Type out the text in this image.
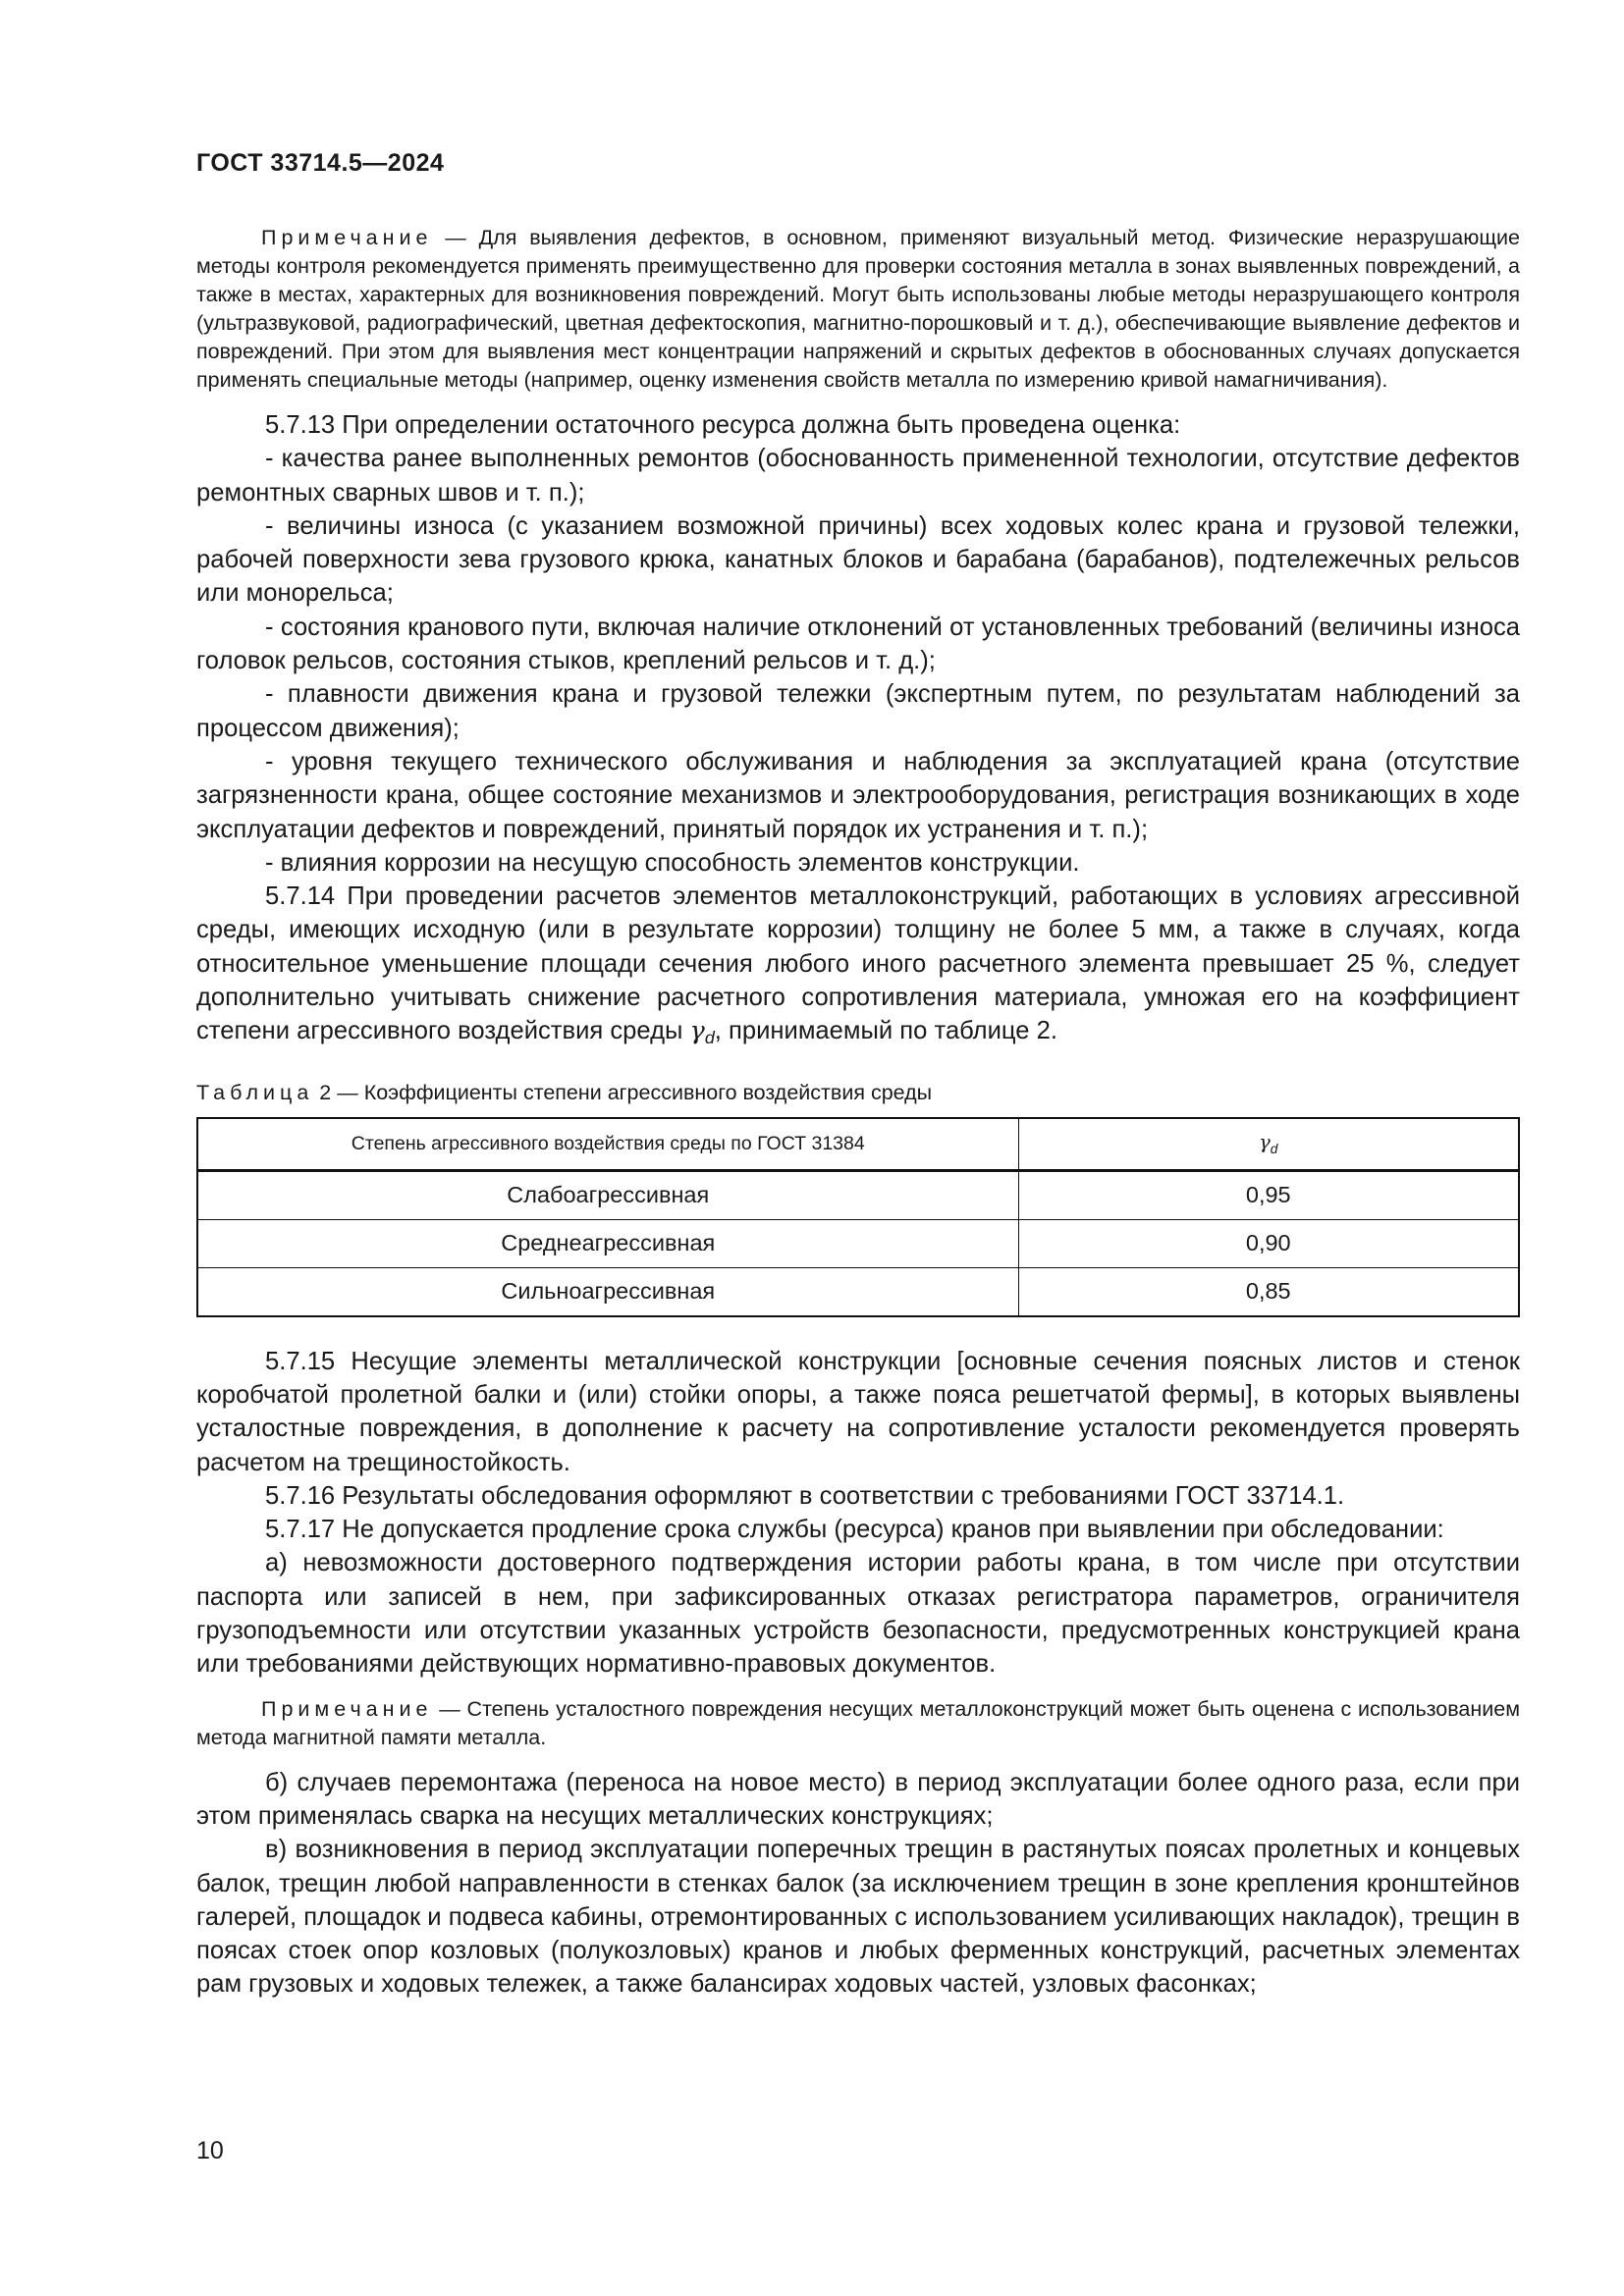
ГОСТ 33714.5—2024

Примечание — Для выявления дефектов, в основном, применяют визуальный метод. Физические неразрушающие методы контроля рекомендуется применять преимущественно для проверки состояния металла в зонах выявленных повреждений, а также в местах, характерных для возникновения повреждений. Могут быть использованы любые методы неразрушающего контроля (ультразвуковой, радиографический, цветная дефектоскопия, магнитно-порошковый и т. д.), обеспечивающие выявление дефектов и повреждений. При этом для выявления мест концентрации напряжений и скрытых дефектов в обоснованных случаях допускается применять специальные методы (например, оценку изменения свойств металла по измерению кривой намагничивания).

5.7.13 При определении остаточного ресурса должна быть проведена оценка:

- качества ранее выполненных ремонтов (обоснованность примененной технологии, отсутствие дефектов ремонтных сварных швов и т. п.);

- величины износа (с указанием возможной причины) всех ходовых колес крана и грузовой тележки, рабочей поверхности зева грузового крюка, канатных блоков и барабана (барабанов), подтележечных рельсов или монорельса;

- состояния кранового пути, включая наличие отклонений от установленных требований (величины износа головок рельсов, состояния стыков, креплений рельсов и т. д.);

- плавности движения крана и грузовой тележки (экспертным путем, по результатам наблюдений за процессом движения);

- уровня текущего технического обслуживания и наблюдения за эксплуатацией крана (отсутствие загрязненности крана, общее состояние механизмов и электрооборудования, регистрация возникающих в ходе эксплуатации дефектов и повреждений, принятый порядок их устранения и т. п.);

- влияния коррозии на несущую способность элементов конструкции.

5.7.14 При проведении расчетов элементов металлоконструкций, работающих в условиях агрессивной среды, имеющих исходную (или в результате коррозии) толщину не более 5 мм, а также в случаях, когда относительное уменьшение площади сечения любого иного расчетного элемента превышает 25 %, следует дополнительно учитывать снижение расчетного сопротивления материала, умножая его на коэффициент степени агрессивного воздействия среды $\gamma_d$, принимаемый по таблице 2.

Таблица 2 — Коэффициенты степени агрессивного воздействия среды
Степень агрессивного воздействия среды по ГОСТ 31384	$\gamma_d$
Слабоагрессивная	0,95
Среднеагрессивная	0,90
Сильноагрессивная	0,85

5.7.15 Несущие элементы металлической конструкции [основные сечения поясных листов и стенок коробчатой пролетной балки и (или) стойки опоры, а также пояса решетчатой фермы], в которых выявлены усталостные повреждения, в дополнение к расчету на сопротивление усталости рекомендуется проверять расчетом на трещиностойкость.

5.7.16 Результаты обследования оформляют в соответствии с требованиями ГОСТ 33714.1.

5.7.17 Не допускается продление срока службы (ресурса) кранов при выявлении при обследовании:

а) невозможности достоверного подтверждения истории работы крана, в том числе при отсутствии паспорта или записей в нем, при зафиксированных отказах регистратора параметров, ограничителя грузоподъемности или отсутствии указанных устройств безопасности, предусмотренных конструкцией крана или требованиями действующих нормативно-правовых документов.

Примечание — Степень усталостного повреждения несущих металлоконструкций может быть оценена с использованием метода магнитной памяти металла.

б) случаев перемонтажа (переноса на новое место) в период эксплуатации более одного раза, если при этом применялась сварка на несущих металлических конструкциях;

в) возникновения в период эксплуатации поперечных трещин в растянутых поясах пролетных и концевых балок, трещин любой направленности в стенках балок (за исключением трещин в зоне крепления кронштейнов галерей, площадок и подвеса кабины, отремонтированных с использованием усиливающих накладок), трещин в поясах стоек опор козловых (полукозловых) кранов и любых ферменных конструкций, расчетных элементах рам грузовых и ходовых тележек, а также балансирах ходовых частей, узловых фасонках;

10
